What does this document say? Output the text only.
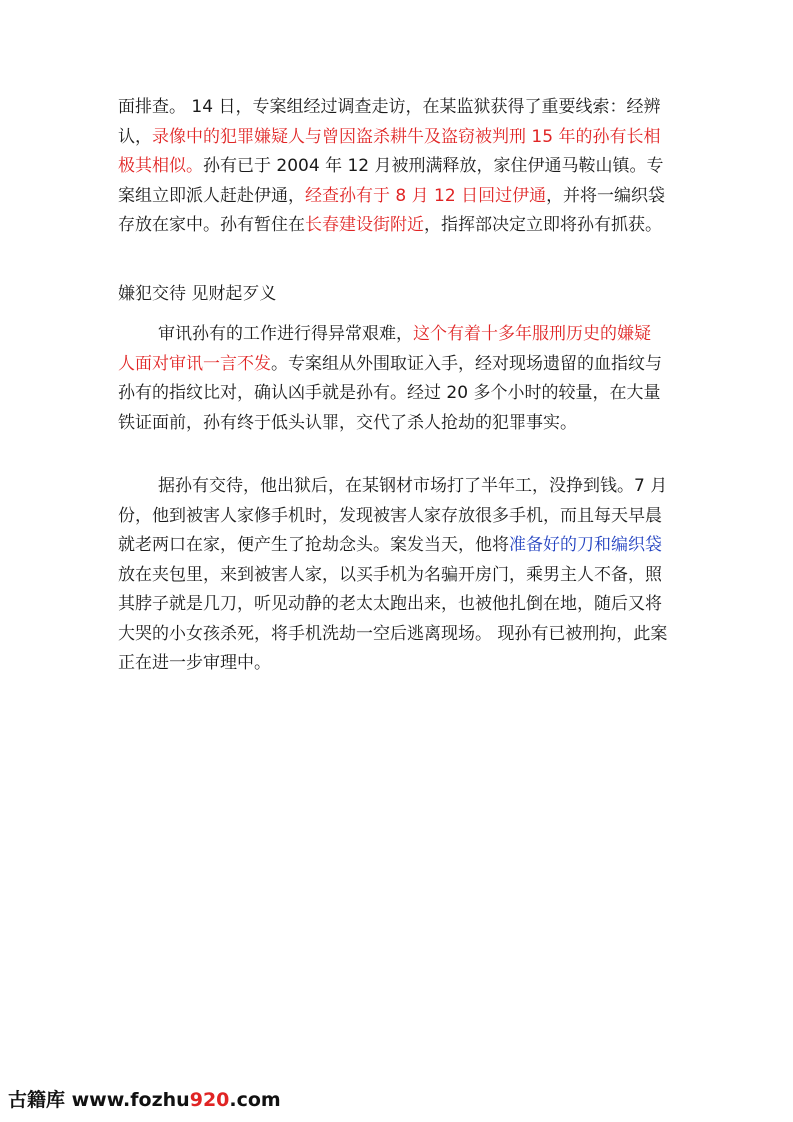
面排查。 14 日，专案组经过调查走访，在某监狱获得了重要线索：经辨认，录像中的犯罪嫌疑人与曾因盗杀耕牛及盗窃被判刑 15 年的孙有长相极其相似。孙有已于 2004 年 12 月被刑满释放，家住伊通马鞍山镇。专案组立即派人赶赴伊通，经查孙有于 8 月 12 日回过伊通，并将一编织袋存放在家中。孙有暂住在长春建设街附近，指挥部决定立即将孙有抓获。

嫌犯交待 见财起歹义

审讯孙有的工作进行得异常艰难，这个有着十多年服刑历史的嫌疑人面对审讯一言不发。专案组从外围取证入手，经对现场遗留的血指纹与孙有的指纹比对，确认凶手就是孙有。经过 20 多个小时的较量，在大量铁证面前，孙有终于低头认罪，交代了杀人抢劫的犯罪事实。

据孙有交待，他出狱后，在某钢材市场打了半年工，没挣到钱。7 月份，他到被害人家修手机时，发现被害人家存放很多手机，而且每天早晨就老两口在家，便产生了抢劫念头。案发当天，他将准备好的刀和编织袋放在夹包里，来到被害人家，以买手机为名骗开房门，乘男主人不备，照其脖子就是几刀，听见动静的老太太跑出来，也被他扎倒在地，随后又将大哭的小女孩杀死，将手机洗劫一空后逃离现场。 现孙有已被刑拘，此案正在进一步审理中。

古籍库 www.fozhu920.com
